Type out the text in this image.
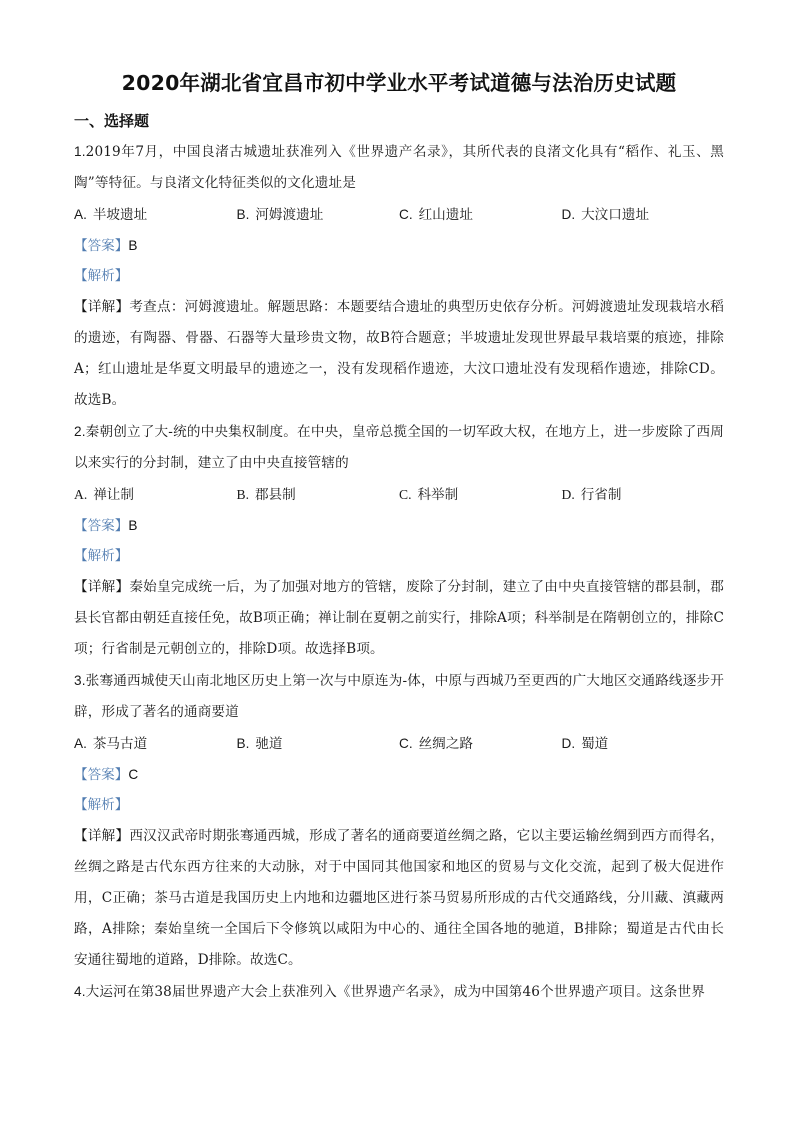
2020年湖北省宜昌市初中学业水平考试道德与法治历史试题
一、选择题

1.2019年7月，中国良渚古城遗址获准列入《世界遗产名录》，其所代表的良渚文化具有“稻作、礼玉、黑陶”等特征。与良渚文化特征类似的文化遗址是

A. 半坡遗址	B. 河姆渡遗址	C. 红山遗址	D. 大汶口遗址
【答案】B
【解析】

【详解】考查点：河姆渡遗址。解题思路：本题要结合遗址的典型历史依存分析。河姆渡遗址发现栽培水稻的遗迹，有陶器、骨器、石器等大量珍贵文物，故B符合题意；半坡遗址发现世界最早栽培粟的痕迹，排除A；红山遗址是华夏文明最早的遗迹之一，没有发现稻作遗迹，大汶口遗址没有发现稻作遗迹，排除CD。故选B。

2.秦朝创立了大-统的中央集权制度。在中央，皇帝总揽全国的一切军政大权，在地方上，进一步废除了西周以来实行的分封制，建立了由中央直接管辖的

A. 禅让制	B. 郡县制	C. 科举制	D. 行省制
【答案】B
【解析】

【详解】秦始皇完成统一后，为了加强对地方的管辖，废除了分封制，建立了由中央直接管辖的郡县制，郡县长官都由朝廷直接任免，故B项正确；禅让制在夏朝之前实行，排除A项；科举制是在隋朝创立的，排除C项；行省制是元朝创立的，排除D项。故选择B项。

3.张骞通西城使天山南北地区历史上第一次与中原连为-体，中原与西城乃至更西的广大地区交通路线逐步开辟，形成了著名的通商要道

A. 茶马古道	B. 驰道	C. 丝绸之路	D. 蜀道
【答案】C
【解析】

【详解】西汉汉武帝时期张骞通西城，形成了著名的通商要道丝绸之路，它以主要运输丝绸到西方而得名，丝绸之路是古代东西方往来的大动脉，对于中国同其他国家和地区的贸易与文化交流，起到了极大促进作用，C正确；茶马古道是我国历史上内地和边疆地区进行茶马贸易所形成的古代交通路线，分川藏、滇藏两路，A排除；秦始皇统一全国后下令修筑以咸阳为中心的、通往全国各地的驰道，B排除；蜀道是古代由长安通往蜀地的道路，D排除。故选C。

4.大运河在第38届世界遗产大会上获准列入《世界遗产名录》，成为中国第46个世界遗产项目。这条世界
